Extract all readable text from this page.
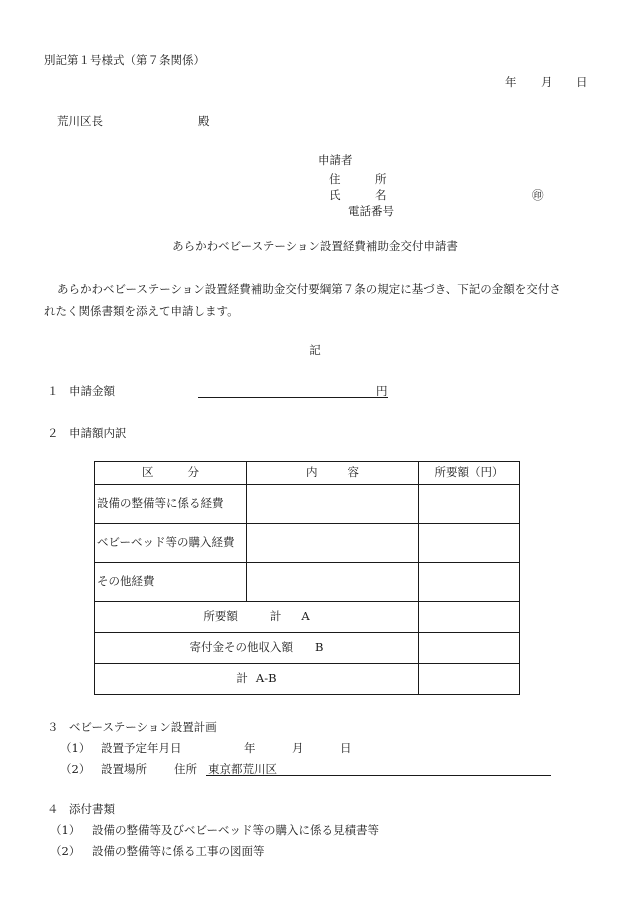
別記第１号様式（第７条関係）
年 月 日
荒川区長	殿
申請者
住	所
氏	名	㊞
電話番号
あらかわベビーステーション設置経費補助金交付申請書
あらかわベビーステーション設置経費補助金交付要綱第７条の規定に基づき、下記の金額を交付さ
れたく関係書類を添えて申請します。
記
１ 申請金額	円
２ 申請額内訳
区 分	内 容	所要額（円）
設備の整備等に係る経費		
ベビーベッド等の購入経費		
その他経費		
所要額 計 A		
寄付金その他収入額 B		
計 A-B		
３ ベビーステーション設置計画
（1） 設置予定年月日	年	月	日
（2） 設置場所 住所 東京都荒川区
４ 添付書類
（1） 設備の整備等及びベビーベッド等の購入に係る見積書等
（2） 設備の整備等に係る工事の図面等
